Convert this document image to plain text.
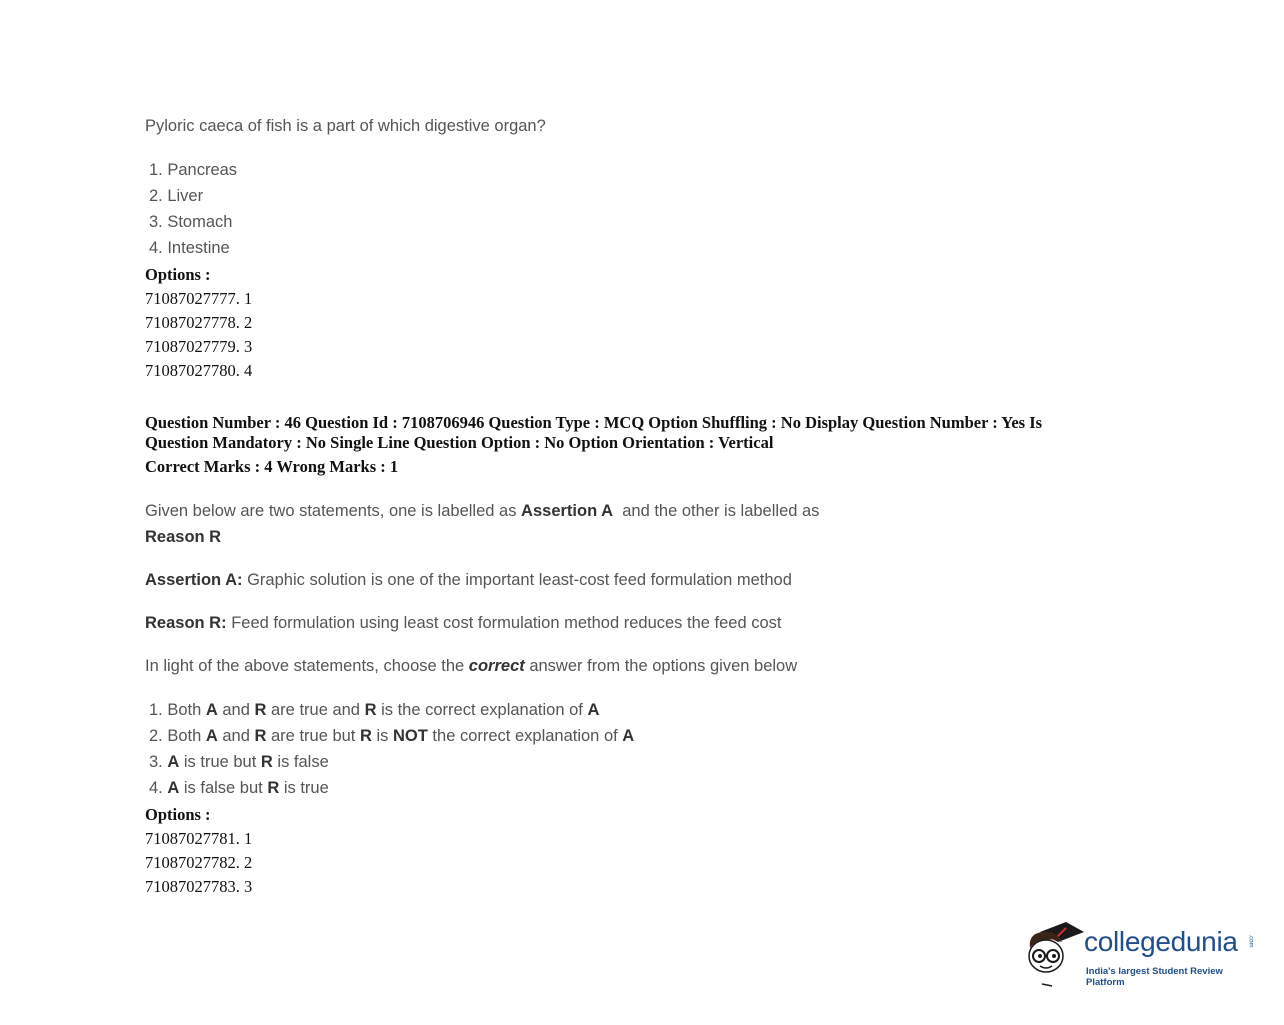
Pyloric caeca of fish is a part of which digestive organ?
1. Pancreas
2. Liver
3. Stomach
4. Intestine
Options :
71087027777. 1
71087027778. 2
71087027779. 3
71087027780. 4
Question Number : 46 Question Id : 7108706946 Question Type : MCQ Option Shuffling : No Display Question Number : Yes Is
Question Mandatory : No Single Line Question Option : No Option Orientation : Vertical
Correct Marks : 4 Wrong Marks : 1
Given below are two statements, one is labelled as Assertion A  and the other is labelled as
Reason R
Assertion A: Graphic solution is one of the important least-cost feed formulation method
Reason R: Feed formulation using least cost formulation method reduces the feed cost
In light of the above statements, choose the correct answer from the options given below
1. Both A and R are true and R is the correct explanation of A
2. Both A and R are true but R is NOT the correct explanation of A
3. A is true but R is false
4. A is false but R is true
Options :
71087027781. 1
71087027782. 2
71087027783. 3
collegedunia .com
India's largest Student Review Platform
